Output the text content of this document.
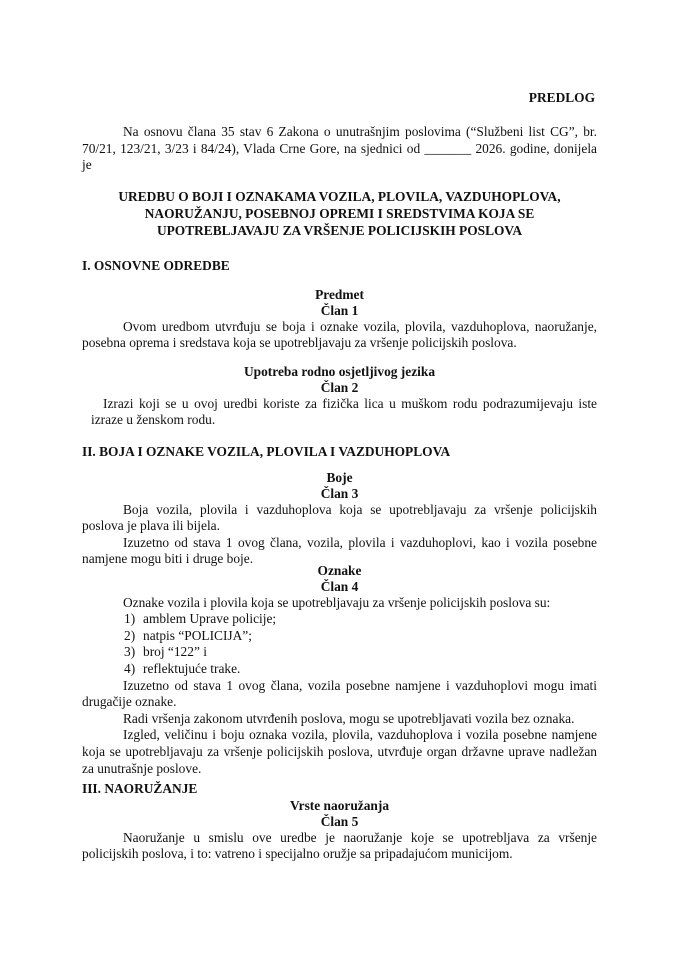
PREDLOG

Na osnovu člana 35 stav 6 Zakona o unutrašnjim poslovima (“Službeni list CG”, br. 70/21, 123/21, 3/23 i 84/24), Vlada Crne Gore, na sjednici od _______ 2026. godine, donijela je

UREDBU O BOJI I OZNAKAMA VOZILA, PLOVILA, VAZDUHOPLOVA,
NAORUŽANJU, POSEBNOJ OPREMI I SREDSTVIMA KOJA SE
UPOTREBLJAVAJU ZA VRŠENJE POLICIJSKIH POSLOVA
I. OSNOVNE ODREDBE
Predmet
Član 1

Ovom uredbom utvrđuju se boja i oznake vozila, plovila, vazduhoplova, naoružanje, posebna oprema i sredstava koja se upotrebljavaju za vršenje policijskih poslova.

Upotreba rodno osjetljivog jezika
Član 2

Izrazi koji se u ovoj uredbi koriste za fizička lica u muškom rodu podrazumijevaju iste izraze u ženskom rodu.

II. BOJA I OZNAKE VOZILA, PLOVILA I VAZDUHOPLOVA
Boje
Član 3

Boja vozila, plovila i vazduhoplova koja se upotrebljavaju za vršenje policijskih poslova je plava ili bijela.

Izuzetno od stava 1 ovog člana, vozila, plovila i vazduhoplovi, kao i vozila posebne namjene mogu biti i druge boje.

Oznake
Član 4

Oznake vozila i plovila koja se upotrebljavaju za vršenje policijskih poslova su:

1) amblem Uprave policije;
2) natpis “POLICIJA”;
3) broj “122” i
4) reflektujuće trake.

Izuzetno od stava 1 ovog člana, vozila posebne namjene i vazduhoplovi mogu imati drugačije oznake.

Radi vršenja zakonom utvrđenih poslova, mogu se upotrebljavati vozila bez oznaka.

Izgled, veličinu i boju oznaka vozila, plovila, vazduhoplova i vozila posebne namjene koja se upotrebljavaju za vršenje policijskih poslova, utvrđuje organ državne uprave nadležan za unutrašnje poslove.

III. NAORUŽANJE
Vrste naoružanja
Član 5

Naoružanje u smislu ove uredbe je naoružanje koje se upotrebljava za vršenje policijskih poslova, i to: vatreno i specijalno oružje sa pripadajućom municijom.
